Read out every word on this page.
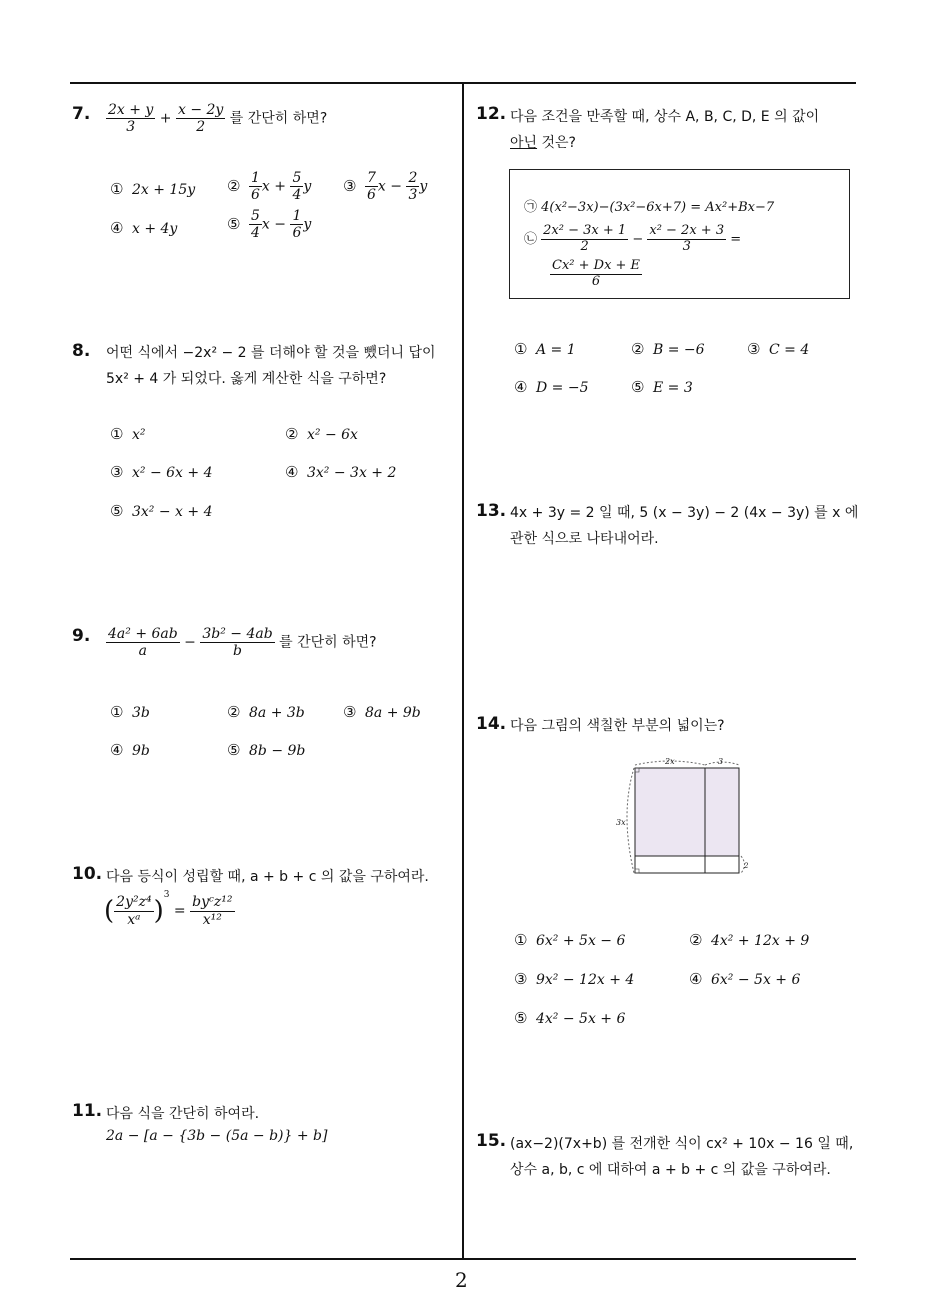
2
7. $\frac{2x + y}{3} + \frac{x - 2y}{2}$ 를 간단히 하면?
① 2x + 15y ② $\frac{1}{6}$ $x + \frac{5}{4}$ y ③ $\frac{7}{6}$ $x - \frac{2}{3}$ y
④ x + 4y	⑤ $\frac{5}{4}$ $x - \frac{1}{6}$ y
8. 어떤 식에서 −2x² − 2 를 더해야 할 것을 뺐더니 답이
5x² + 4 가 되었다. 옳게 계산한 식을 구하면?
① x²	② x² − 6x
③ x² − 6x + 4	④ 3x² − 3x + 2
⑤ 3x² − x + 4
9. $\frac{\text{4a² + 6ab}}{a} - \frac{\text{3b² − 4ab}}{b}$ 를 간단히 하면?
① 3b	② 8a + 3b	③ 8a + 9b
④ 9b	⑤ 8b − 9b
10. 다음 등식이 성립할 때, a + b + c 의 값을 구하여라.
( $\frac{\text{2y²z⁴}}{\text{xᵃ}} )^3 = \frac{\text{byᶜz¹²}}{\text{x¹²}}$
11. 다음 식을 간단히 하여라.
2a − [a − {3b − (5a − b)} + b]
12. 다음 조건을 만족할 때, 상수 A, B, C, D, E 의 값이
아닌 것은?
㉠ 4(x²−3x)−(3x²−6x+7) = Ax²+Bx−7
㉡ $\frac{\text{2x² − 3x + 1}}{2} - \frac{\text{x² − 2x + 3}}{3}$ =
$\frac{\text{Cx² + Dx + E}}{6}$
① A = 1	② B = −6	③ C = 4
④ D = −5	⑤ E = 3
13. 4x + 3y = 2 일 때, 5 (x − 3y) − 2 (4x − 3y) 를 x 에
관한 식으로 나타내어라.
14. 다음 그림의 색칠한 부분의 넓이는?
2x	3
3x
2
① 6x² + 5x − 6	② 4x² + 12x + 9
③ 9x² − 12x + 4	④ 6x² − 5x + 6
⑤ 4x² − 5x + 6
15. (ax−2)(7x+b) 를 전개한 식이 cx² + 10x − 16 일 때,
상수 a, b, c 에 대하여 a + b + c 의 값을 구하여라.
